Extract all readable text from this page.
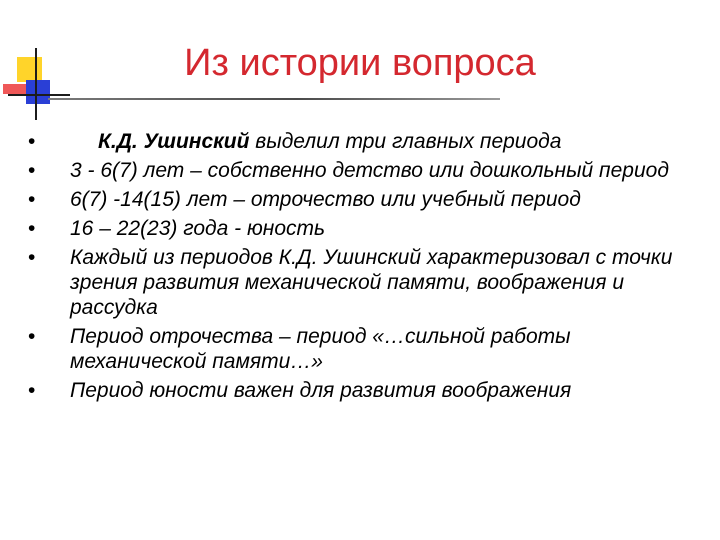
Из истории вопроса
•	К.Д. Ушинский выделил три главных периода
• 3 - 6(7) лет – собственно детство или дошкольный период
• 6(7) -14(15) лет – отрочество или учебный период
• 16 – 22(23) года - юность
• Каждый из периодов К.Д. Ушинский характеризовал с точки зрения развития механической памяти, воображения и рассудка
• Период отрочества – период «…сильной работы механической памяти…»
• Период юности важен для развития воображения
